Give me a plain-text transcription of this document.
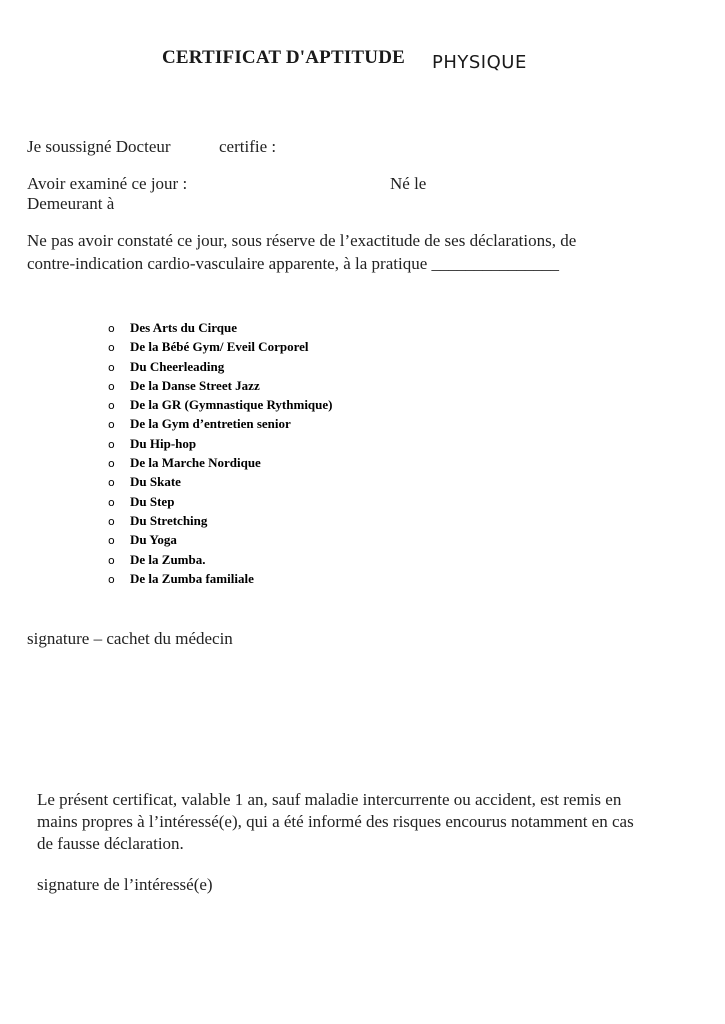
CERTIFICAT D'APTITUDE PHYSIQUE

Je soussigné Docteur	certifie :

Avoir examiné ce jour :	Né le

Demeurant à

Ne pas avoir constaté ce jour, sous réserve de l’exactitude de ses déclarations, de

contre-indication cardio-vasculaire apparente, à la pratique _______________

o Des Arts du Cirque
o De la Bébé Gym/ Eveil Corporel
o Du Cheerleading
o De la Danse Street Jazz
o De la GR (Gymnastique Rythmique)
o De la Gym d’entretien senior
o Du Hip-hop
o De la Marche Nordique
o Du Skate
o Du Step
o Du Stretching
o Du Yoga
o De la Zumba.
o De la Zumba familiale

signature – cachet du médecin

Le présent certificat, valable 1 an, sauf maladie intercurrente ou accident, est remis en

mains propres à l’intéressé(e), qui a été informé des risques encourus notamment en cas

de fausse déclaration.

signature de l’intéressé(e)
